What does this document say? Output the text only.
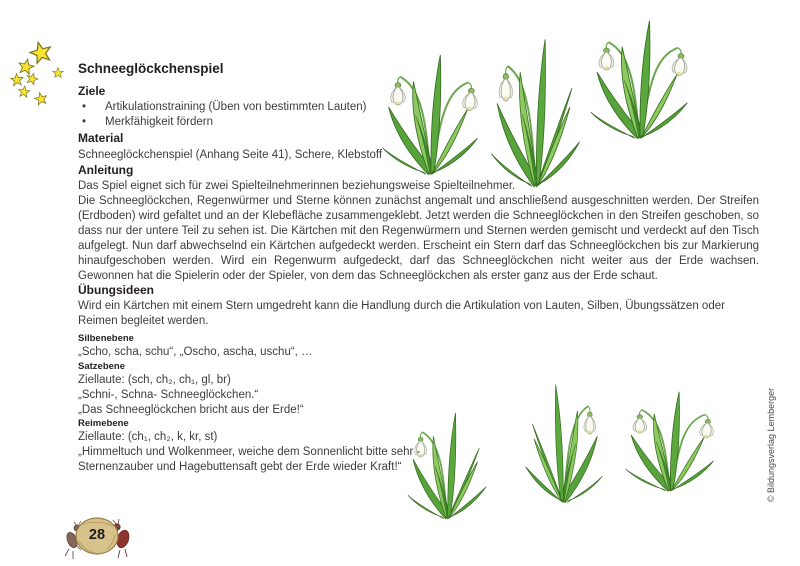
Schneeglöckchenspiel
Ziele
• Artikulationstraining (Üben von bestimmten Lauten)
• Merkfähigkeit fördern
Material

Schneeglöckchenspiel (Anhang Seite 41), Schere, Klebstoff

Anleitung

Das Spiel eignet sich für zwei Spielteilnehmerinnen beziehungsweise Spielteilnehmer.

Die Schneeglöckchen, Regenwürmer und Sterne können zunächst angemalt und anschließend ausgeschnitten werden. Der Streifen (Erdboden) wird gefaltet und an der Klebefläche zusammengeklebt. Jetzt werden die Schneeglöckchen in den Streifen geschoben, so dass nur der untere Teil zu sehen ist. Die Kärtchen mit den Regenwürmern und Sternen werden gemischt und verdeckt auf den Tisch aufgelegt. Nun darf abwechselnd ein Kärtchen aufgedeckt werden. Erscheint ein Stern darf das Schneeglöckchen bis zur Markierung hinaufgeschoben werden. Wird ein Regenwurm aufgedeckt, darf das Schneeglöckchen nicht weiter aus der Erde wachsen. Gewonnen hat die Spielerin oder der Spieler, von dem das Schneeglöckchen als erster ganz aus der Erde schaut.

Übungsideen

Wird ein Kärtchen mit einem Stern umgedreht kann die Handlung durch die Artikulation von Lauten, Silben, Übungssätzen oder Reimen begleitet werden.

Silbenebene

„Scho, scha, schu“, „Oscho, ascha, uschu“, …

Satzebene

Ziellaute: (sch, ch₂, ch₁, gl, br)

„Schni-, Schna- Schneeglöckchen.“

„Das Schneeglöckchen bricht aus der Erde!“

Reimebene

Ziellaute: (ch₁, ch₂, k, kr, st)

„Himmeltuch und Wolkenmeer, weiche dem Sonnenlicht bitte sehr -

Sternenzauber und Hagebuttensaft gebt der Erde wieder Kraft!“

28
© Bildungsverlag Lemberger
